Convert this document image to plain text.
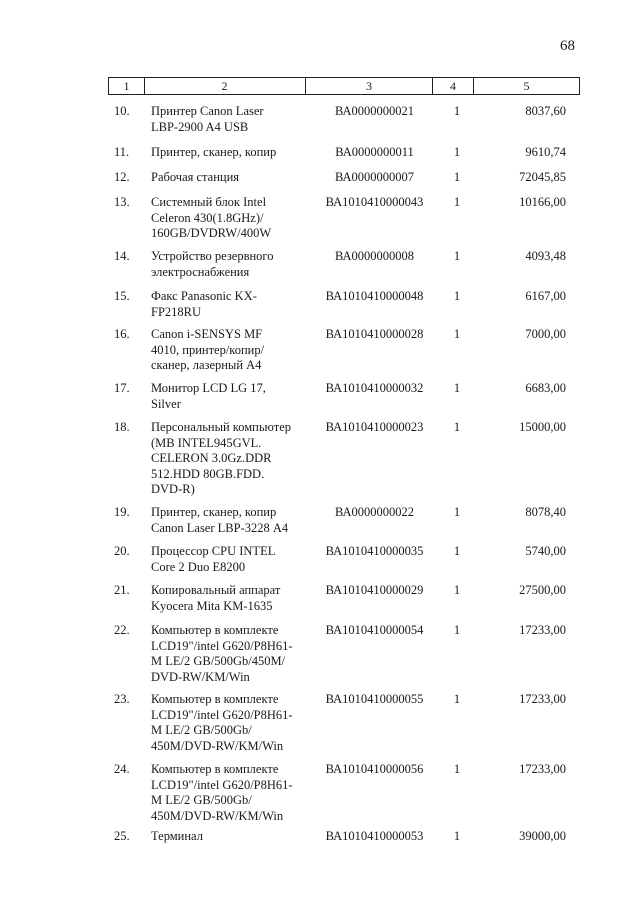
68
1	2	3	4	5
10.	Принтер Canon Laser
LBP-2900 A4 USB
ВА0000000021	1	8037,60
11.	Принтер, сканер, копир	ВА0000000011	1	9610,74
12.	Рабочая станция	ВА0000000007	1	72045,85
13.	Системный блок Intel
Celeron 430(1.8GHz)/
160GB/DVDRW/400W
ВА1010410000043	1	10166,00
14.	Устройство резервного
электроснабжения
ВА0000000008	1	4093,48
15.	Факс Panasonic KX-
FP218RU
ВА1010410000048	1	6167,00
16.	Canon i-SENSYS MF
4010, принтер/копир/
сканер, лазерный А4
ВА1010410000028	1	7000,00
17.	Монитор LCD LG 17,
Silver
ВА1010410000032	1	6683,00
18.	Персональный компьютер
(MB INTEL945GVL.
CELERON 3.0Gz.DDR
512.HDD 80GB.FDD.
DVD-R)
ВА1010410000023	1	15000,00
19.	Принтер, сканер, копир
Canon Laser LBP-3228 А4
ВА0000000022	1	8078,40
20.	Процессор CPU INTEL
Core 2 Duo E8200
ВА1010410000035	1	5740,00
21.	Копировальный аппарат
Kyocera Mita KM-1635
ВА1010410000029	1	27500,00
22.	Компьютер в комплекте
LCD19"/intel G620/P8H61-
M LE/2 GB/500Gb/450M/
DVD-RW/KM/Win
ВА1010410000054	1	17233,00
23.	Компьютер в комплекте
LCD19"/intel G620/P8H61-
M LE/2 GB/500Gb/
450M/DVD-RW/KM/Win
ВА1010410000055	1	17233,00
24.	Компьютер в комплекте
LCD19"/intel G620/P8H61-
M LE/2 GB/500Gb/
450M/DVD-RW/KM/Win
ВА1010410000056	1	17233,00
25.	Терминал	ВА1010410000053	1	39000,00
